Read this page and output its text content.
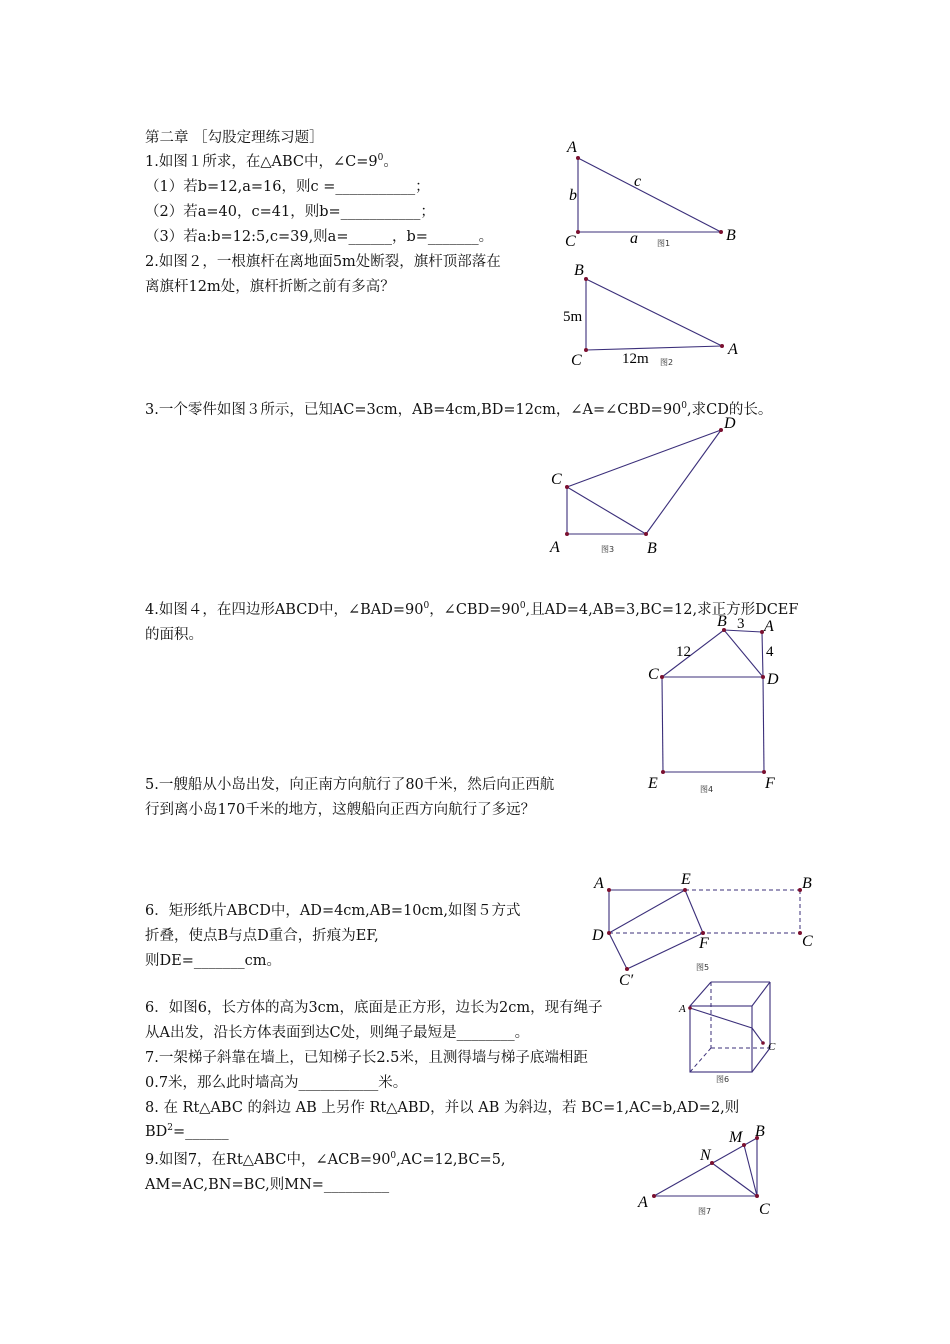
第二章 ［勾股定理练习题］
1.如图１所求，在△ABC中，$\angle C=9^0$。
（1）若b=12,a=16，则c =___________；
（2）若a=40，c=41，则b=___________；
（3）若a:b=12:5,c=39,则a=______，b=_______。
2.如图２，一根旗杆在离地面5m处断裂，旗杆顶部落在
离旗杆12m处，旗杆折断之前有多高？
3.一个零件如图３所示，已知AC=3cm，AB=4cm,BD=12cm，$\angle A=\angle CBD=90^0$,求CD的长。
4.如图４，在四边形ABCD中，$\angle BAD=90^0$，$\angle CBD=90^0$,且AD=4,AB=3,BC=12,求正方形DCEF
的面积。
5.一艘船从小岛出发，向正南方向航行了80千米，然后向正西航
行到离小岛170千米的地方，这艘船向正西方向航行了多远？
6．矩形纸片ABCD中，AD=4cm,AB=10cm,如图５方式
折叠，使点B与点D重合，折痕为EF,
则DE=_______cm。
6．如图6，长方体的高为3cm，底面是正方形，边长为2cm，现有绳子
从A出发，沿长方体表面到达C处，则绳子最短是________。
7.一架梯子斜靠在墙上，已知梯子长2.5米，且测得墙与梯子底端相距
0.7米，那么此时墙高为___________米。
8. 在 Rt△ABC 的斜边 AB 上另作 Rt△ABD，并以 AB 为斜边，若 BC=1,AC=b,AD=2,则
$BD^2=\_\_\_\_\_\_$
9.如图7，在Rt△ABC中，$\angle ACB=90^0,AC=12,BC=5$,
AM=AC,BN=BC,则MN=_________
A
C	B
b
c
a 图1
B
C
A
5m
12m 图2
C
A	B
D
图3
B A
C	D
E	F
3
4
12
图4
A	E	B
D	F	C
C′
图5
A
C
图6
A	C
B
M
N
图7
